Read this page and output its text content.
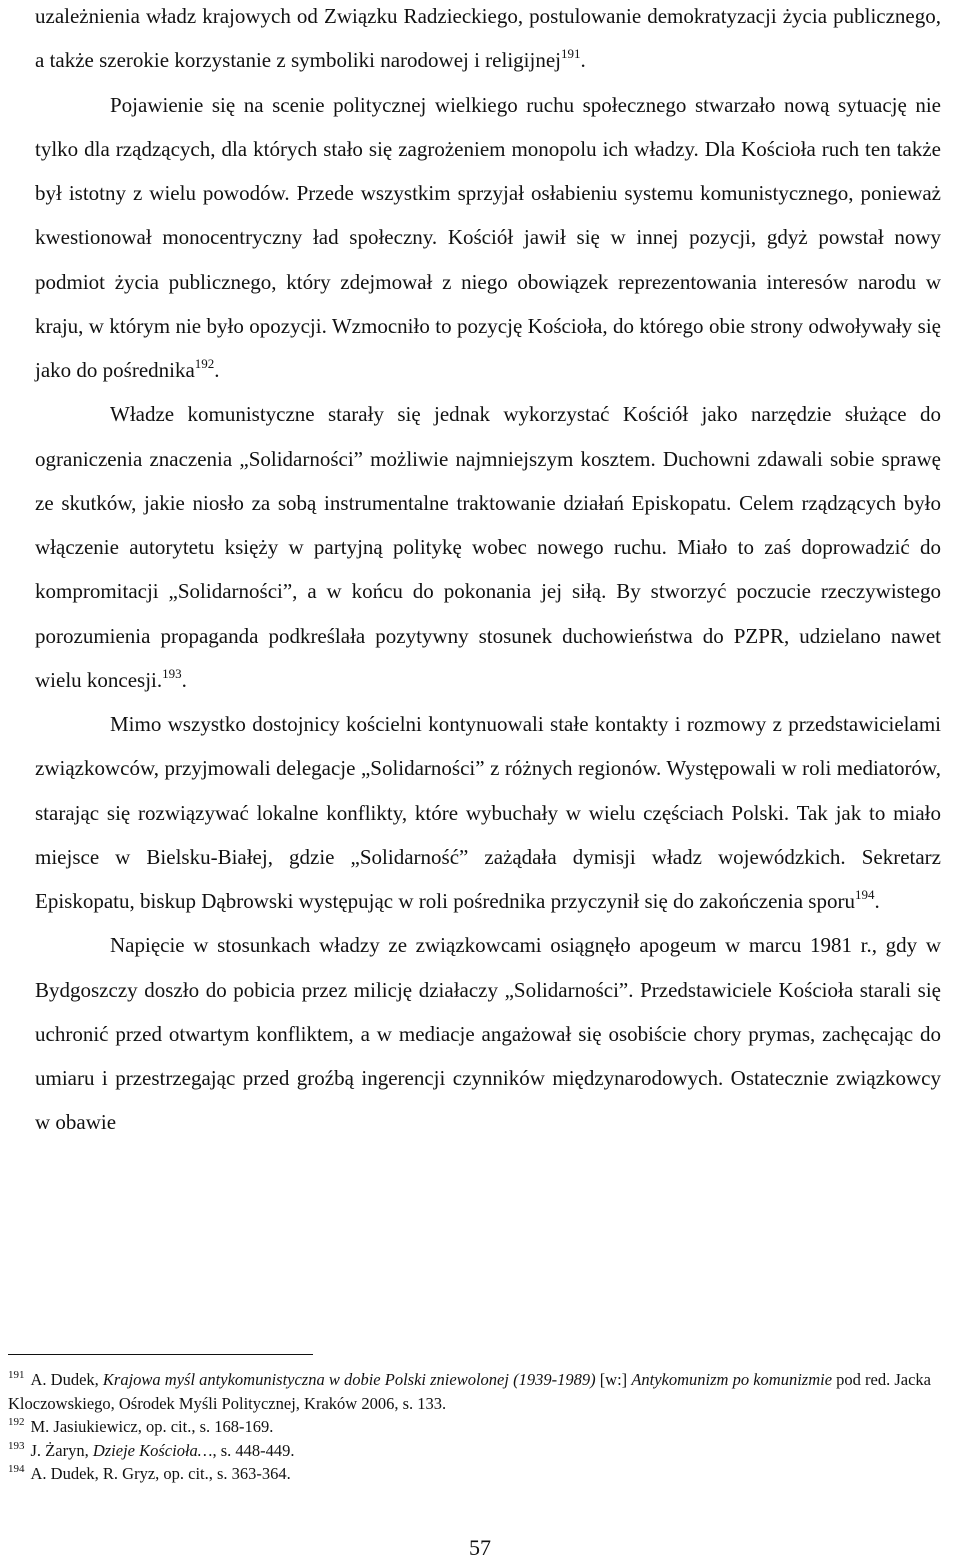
uzależnienia władz krajowych od Związku Radzieckiego, postulowanie demokratyzacji życia publicznego, a także szerokie korzystanie z symboliki narodowej i religijnej$^{191}$.

Pojawienie się na scenie politycznej wielkiego ruchu społecznego stwarzało nową sytuację nie tylko dla rządzących, dla których stało się zagrożeniem monopolu ich władzy. Dla Kościoła ruch ten także był istotny z wielu powodów. Przede wszystkim sprzyjał osłabieniu systemu komunistycznego, ponieważ kwestionował monocentryczny ład społeczny. Kościół jawił się w innej pozycji, gdyż powstał nowy podmiot życia publicznego, który zdejmował z niego obowiązek reprezentowania interesów narodu w kraju, w którym nie było opozycji. Wzmocniło to pozycję Kościoła, do którego obie strony odwoływały się jako do pośrednika$^{192}$.

Władze komunistyczne starały się jednak wykorzystać Kościół jako narzędzie służące do ograniczenia znaczenia „Solidarności” możliwie najmniejszym kosztem. Duchowni zdawali sobie sprawę ze skutków, jakie niosło za sobą instrumentalne traktowanie działań Episkopatu. Celem rządzących było włączenie autorytetu księży w partyjną politykę wobec nowego ruchu. Miało to zaś doprowadzić do kompromitacji „Solidarności”, a w końcu do pokonania jej siłą. By stworzyć poczucie rzeczywistego porozumienia propaganda podkreślała pozytywny stosunek duchowieństwa do PZPR, udzielano nawet wielu koncesji.$^{193}$.

Mimo wszystko dostojnicy kościelni kontynuowali stałe kontakty i rozmowy z przedstawicielami związkowców, przyjmowali delegacje „Solidarności” z różnych regionów. Występowali w roli mediatorów, starając się rozwiązywać lokalne konflikty, które wybuchały w wielu częściach Polski. Tak jak to miało miejsce w Bielsku-Białej, gdzie „Solidarność” zażądała dymisji władz wojewódzkich. Sekretarz Episkopatu, biskup Dąbrowski występując w roli pośrednika przyczynił się do zakończenia sporu$^{194}$.

Napięcie w stosunkach władzy ze związkowcami osiągnęło apogeum w marcu 1981 r., gdy w Bydgoszczy doszło do pobicia przez milicję działaczy „Solidarności”. Przedstawiciele Kościoła starali się uchronić przed otwartym konfliktem, a w mediacje angażował się osobiście chory prymas, zachęcając do umiaru i przestrzegając przed groźbą ingerencji czynników międzynarodowych. Ostatecznie związkowcy w obawie

$^{191}$ A. Dudek, Krajowa myśl antykomunistyczna w dobie Polski zniewolonej (1939-1989) [w:] Antykomunizm po komunizmie pod red. Jacka Kloczowskiego, Ośrodek Myśli Politycznej, Kraków 2006, s. 133.

$^{192}$ M. Jasiukiewicz, op. cit., s. 168-169.

$^{193}$ J. Żaryn, Dzieje Kościoła…, s. 448-449.

$^{194}$ A. Dudek, R. Gryz, op. cit., s. 363-364.

57
